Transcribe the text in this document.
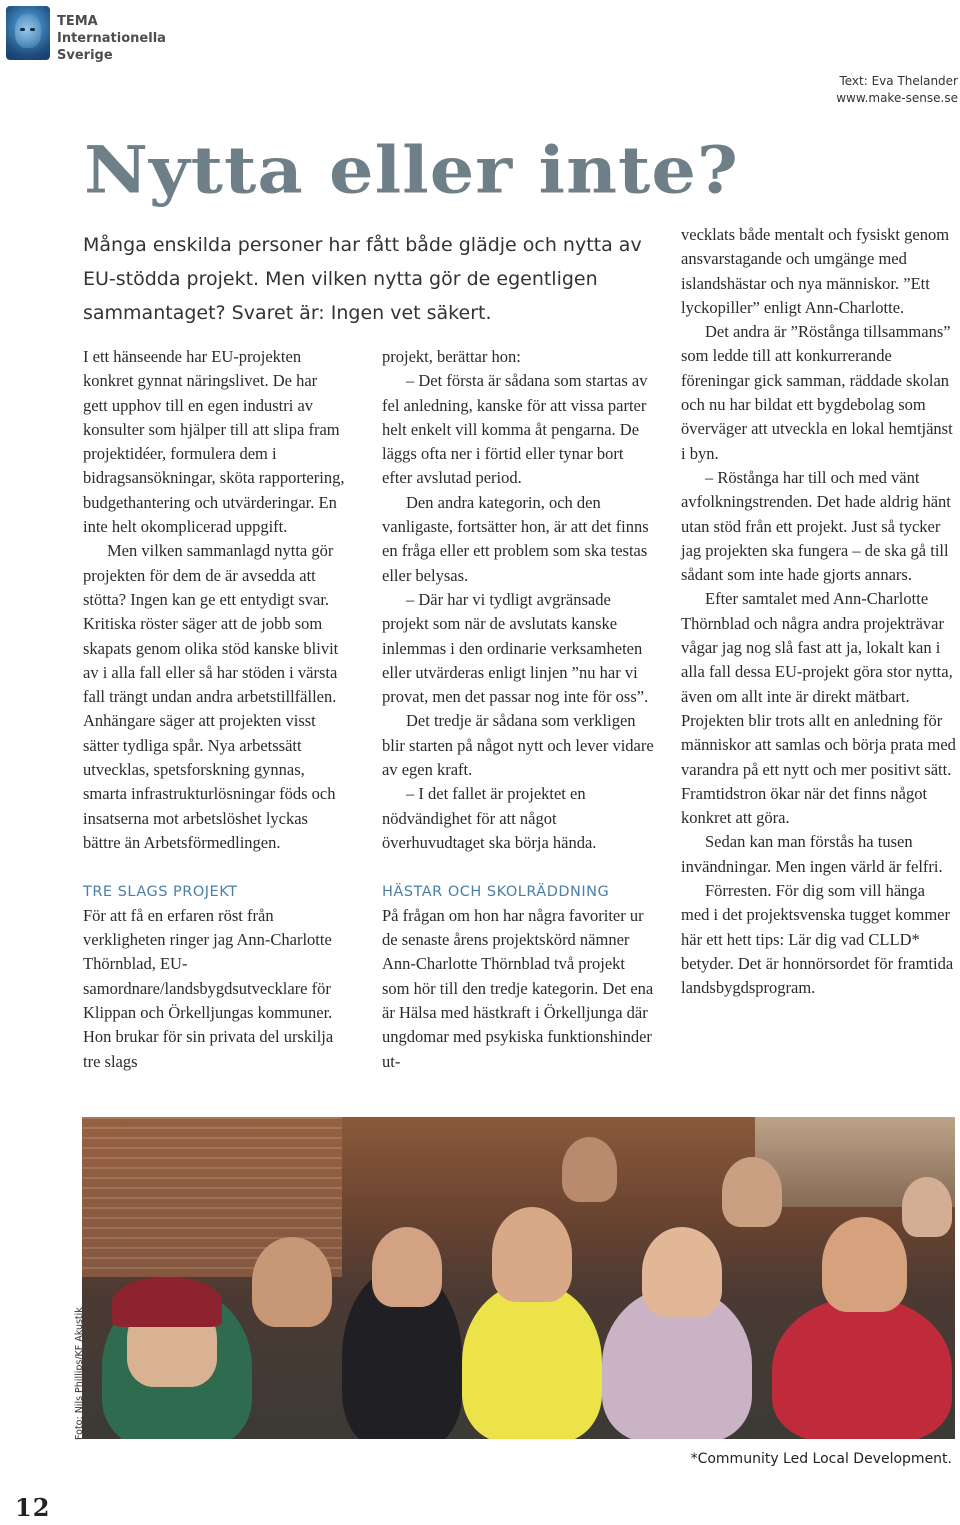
TEMA
Internationella
Sverige
Text: Eva Thelander
www.make-sense.se
Nytta eller inte?

Många enskilda personer har fått både glädje och nytta av EU-stödda projekt. Men vilken nytta gör de egentligen sammantaget? Svaret är: Ingen vet säkert.

I ett hänseende har EU-projekten konkret gynnat näringslivet. De har gett upphov till en egen industri av konsulter som hjälper till att slipa fram projektidéer, formulera dem i bidragsansökningar, sköta rapportering, budgethantering och utvärderingar. En inte helt okomplicerad uppgift.

Men vilken sammanlagd nytta gör projekten för dem de är avsedda att stötta? Ingen kan ge ett entydigt svar. Kritiska röster säger att de jobb som skapats genom olika stöd kanske blivit av i alla fall eller så har stöden i värsta fall trängt undan andra arbetstillfällen. Anhängare säger att projekten visst sätter tydliga spår. Nya arbetssätt utvecklas, spetsforskning gynnas, smarta infrastrukturlösningar föds och insatserna mot arbetslöshet lyckas bättre än Arbetsförmedlingen.

TRE SLAGS PROJEKT

För att få en erfaren röst från verkligheten ringer jag Ann-Charlotte Thörnblad, EU-samordnare/landsbygdsutvecklare för Klippan och Örkelljungas kommuner. Hon brukar för sin privata del urskilja tre slags

projekt, berättar hon:

– Det första är sådana som startas av fel anledning, kanske för att vissa parter helt enkelt vill komma åt pengarna. De läggs ofta ner i förtid eller tynar bort efter avslutad period.

Den andra kategorin, och den vanligaste, fortsätter hon, är att det finns en fråga eller ett problem som ska testas eller belysas.

– Där har vi tydligt avgränsade projekt som när de avslutats kanske inlemmas i den ordinarie verksamheten eller utvärderas enligt linjen ”nu har vi provat, men det passar nog inte för oss”.

Det tredje är sådana som verkligen blir starten på något nytt och lever vidare av egen kraft.

– I det fallet är projektet en nödvändighet för att något överhuvudtaget ska börja hända.

HÄSTAR OCH SKOLRÄDDNING

På frågan om hon har några favoriter ur de senaste årens projektskörd nämner Ann-Charlotte Thörnblad två projekt som hör till den tredje kategorin. Det ena är Hälsa med hästkraft i Örkelljunga där ungdomar med psykiska funktionshinder ut-

vecklats både mentalt och fysiskt genom ansvarstagande och umgänge med islandshästar och nya människor. ”Ett lyckopiller” enligt Ann-Charlotte.

Det andra är ”Röstånga tillsammans” som ledde till att konkurrerande föreningar gick samman, räddade skolan och nu har bildat ett bygdebolag som överväger att utveckla en lokal hemtjänst i byn.

– Röstånga har till och med vänt avfolkningstrenden. Det hade aldrig hänt utan stöd från ett projekt. Just så tycker jag projekten ska fungera – de ska gå till sådant som inte hade gjorts annars.

Efter samtalet med Ann-Charlotte Thörnblad och några andra projekträvar vågar jag nog slå fast att ja, lokalt kan i alla fall dessa EU-projekt göra stor nytta, även om allt inte är direkt mätbart. Projekten blir trots allt en anledning för människor att samlas och börja prata med varandra på ett nytt och mer positivt sätt. Framtidstron ökar när det finns något konkret att göra.

Sedan kan man förstås ha tusen invändningar. Men ingen värld är felfri.

Förresten. För dig som vill hänga med i det projektsvenska tugget kommer här ett hett tips: Lär dig vad CLLD* betyder. Det är honnörsordet för framtida landsbygdsprogram.

Foto: Nils Phillips/KF Akustik
*Community Led Local Development.
12
